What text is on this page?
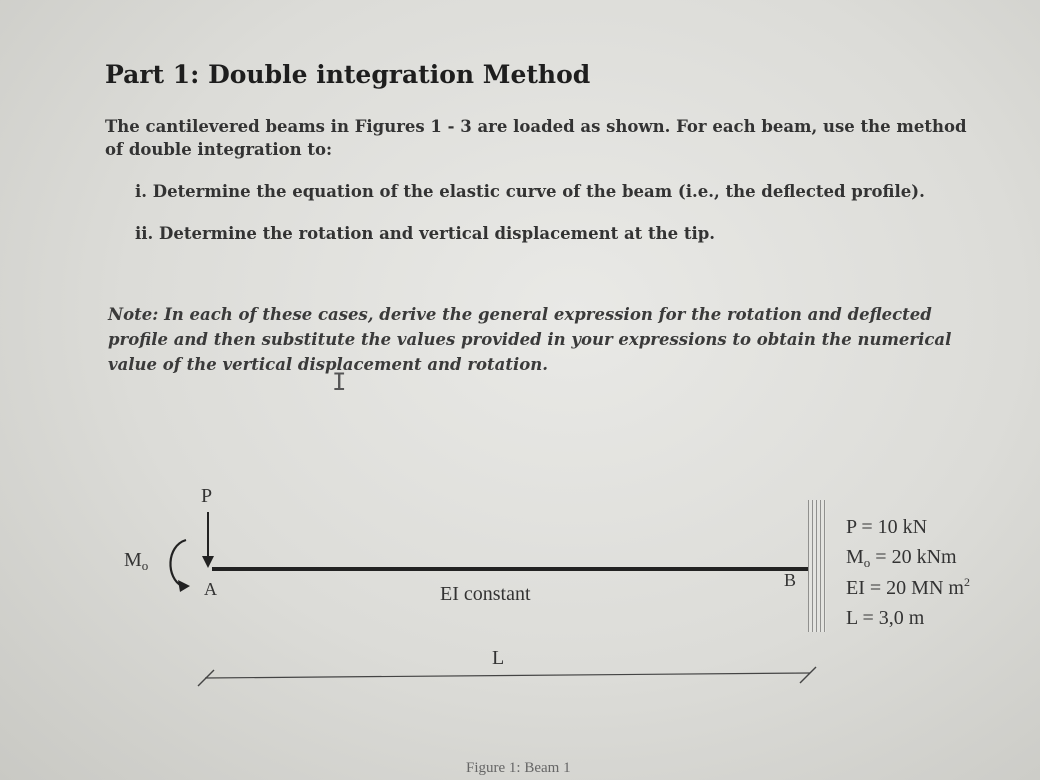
Part 1: Double integration Method

The cantilevered beams in Figures 1 - 3 are loaded as shown. For each beam, use the method of double integration to:

i. Determine the equation of the elastic curve of the beam (i.e., the deflected profile).

ii. Determine the rotation and vertical displacement at the tip.

Note: In each of these cases, derive the general expression for the rotation and deflected profile and then substitute the values provided in your expressions to obtain the numerical value of the vertical displacement and rotation.

I
P
$M_o$
A	B
EI constant
L
P = 10 kN
$M_o = 20$ kNm
EI = 20 MN $m^2$
L = 3,0 m
Figure 1: Beam 1
